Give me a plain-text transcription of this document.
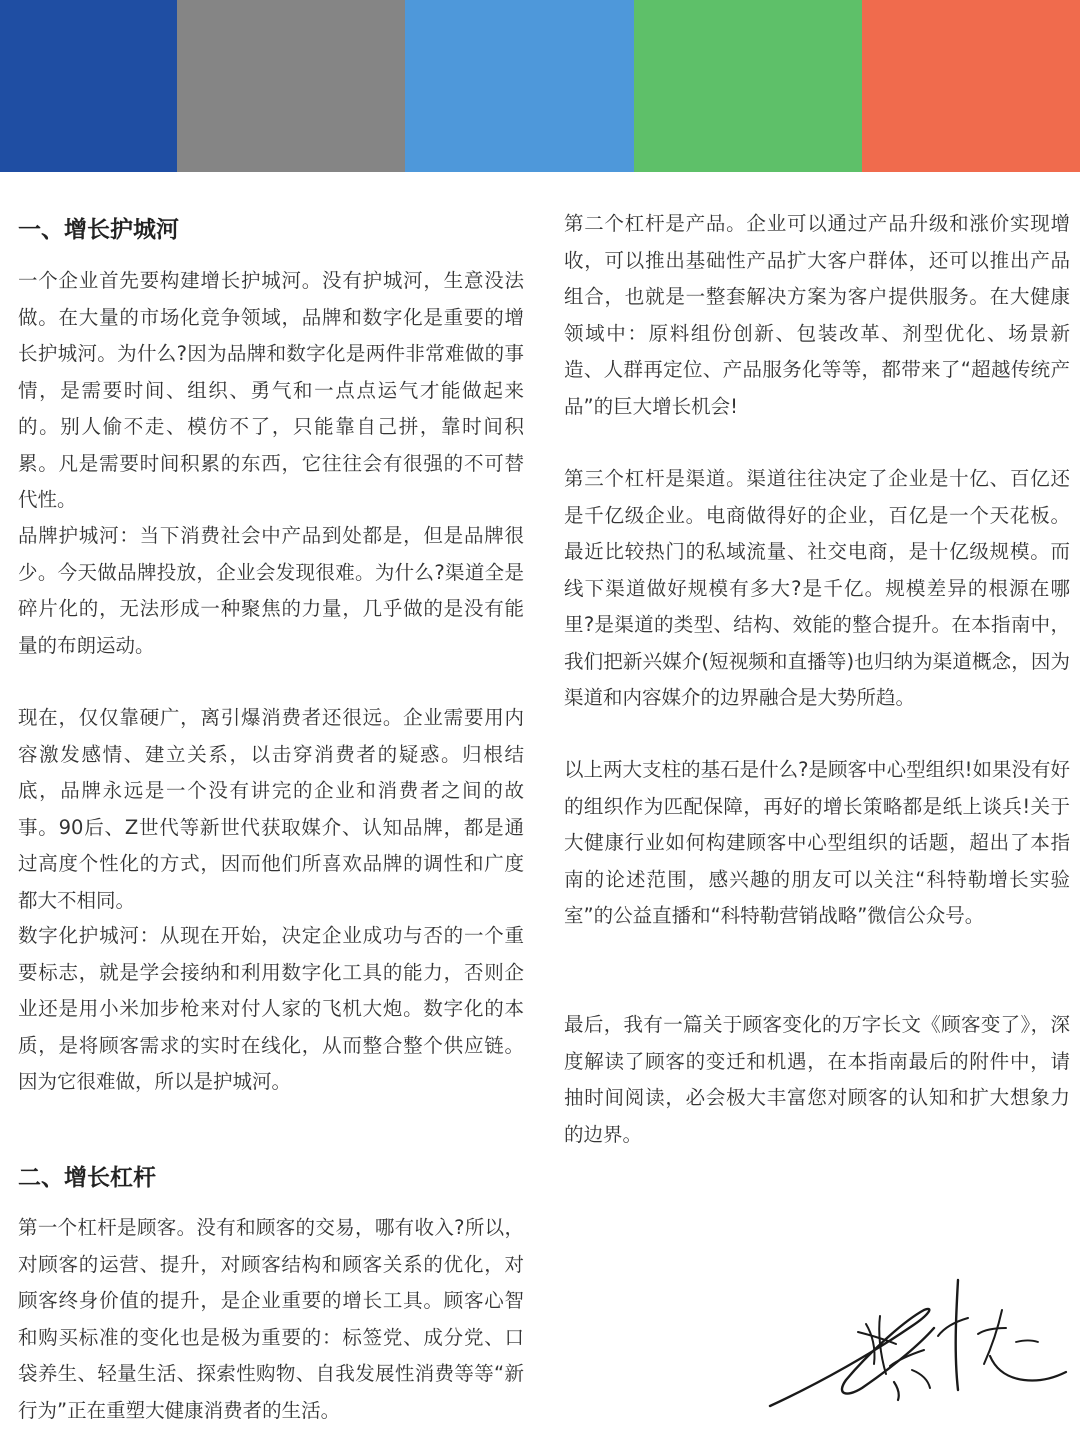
一、增长护城河

一个企业首先要构建增长护城河。没有护城河，生意没法做。在大量的市场化竞争领域，品牌和数字化是重要的增长护城河。为什么?因为品牌和数字化是两件非常难做的事情，是需要时间、组织、勇气和一点点运气才能做起来的。别人偷不走、模仿不了，只能靠自己拼，靠时间积累。凡是需要时间积累的东西，它往往会有很强的不可替代性。

品牌护城河：当下消费社会中产品到处都是，但是品牌很少。今天做品牌投放，企业会发现很难。为什么?渠道全是碎片化的，无法形成一种聚焦的力量，几乎做的是没有能量的布朗运动。

现在，仅仅靠硬广，离引爆消费者还很远。企业需要用内容激发感情、建立关系，以击穿消费者的疑惑。归根结底，品牌永远是一个没有讲完的企业和消费者之间的故事。90后、Z世代等新世代获取媒介、认知品牌，都是通过高度个性化的方式，因而他们所喜欢品牌的调性和广度都大不相同。

数字化护城河：从现在开始，决定企业成功与否的一个重要标志，就是学会接纳和利用数字化工具的能力，否则企业还是用小米加步枪来对付人家的飞机大炮。数字化的本质，是将顾客需求的实时在线化，从而整合整个供应链。因为它很难做，所以是护城河。

二、增长杠杆

第一个杠杆是顾客。没有和顾客的交易，哪有收入?所以，对顾客的运营、提升，对顾客结构和顾客关系的优化，对顾客终身价值的提升，是企业重要的增长工具。顾客心智和购买标准的变化也是极为重要的：标签党、成分党、口袋养生、轻量生活、探索性购物、自我发展性消费等等“新行为”正在重塑大健康消费者的生活。

第二个杠杆是产品。企业可以通过产品升级和涨价实现增收，可以推出基础性产品扩大客户群体，还可以推出产品组合，也就是一整套解决方案为客户提供服务。在大健康领域中：原料组份创新、包装改革、剂型优化、场景新造、人群再定位、产品服务化等等，都带来了“超越传统产品”的巨大增长机会!

第三个杠杆是渠道。渠道往往决定了企业是十亿、百亿还是千亿级企业。电商做得好的企业，百亿是一个天花板。最近比较热门的私域流量、社交电商，是十亿级规模。而线下渠道做好规模有多大?是千亿。规模差异的根源在哪里?是渠道的类型、结构、效能的整合提升。在本指南中，我们把新兴媒介(短视频和直播等)也归纳为渠道概念，因为渠道和内容媒介的边界融合是大势所趋。

以上两大支柱的基石是什么?是顾客中心型组织!如果没有好的组织作为匹配保障，再好的增长策略都是纸上谈兵!关于大健康行业如何构建顾客中心型组织的话题，超出了本指南的论述范围，感兴趣的朋友可以关注“科特勒增长实验室”的公益直播和“科特勒营销战略”微信公众号。

最后，我有一篇关于顾客变化的万字长文《顾客变了》，深度解读了顾客的变迁和机遇，在本指南最后的附件中，请抽时间阅读，必会极大丰富您对顾客的认知和扩大想象力的边界。
